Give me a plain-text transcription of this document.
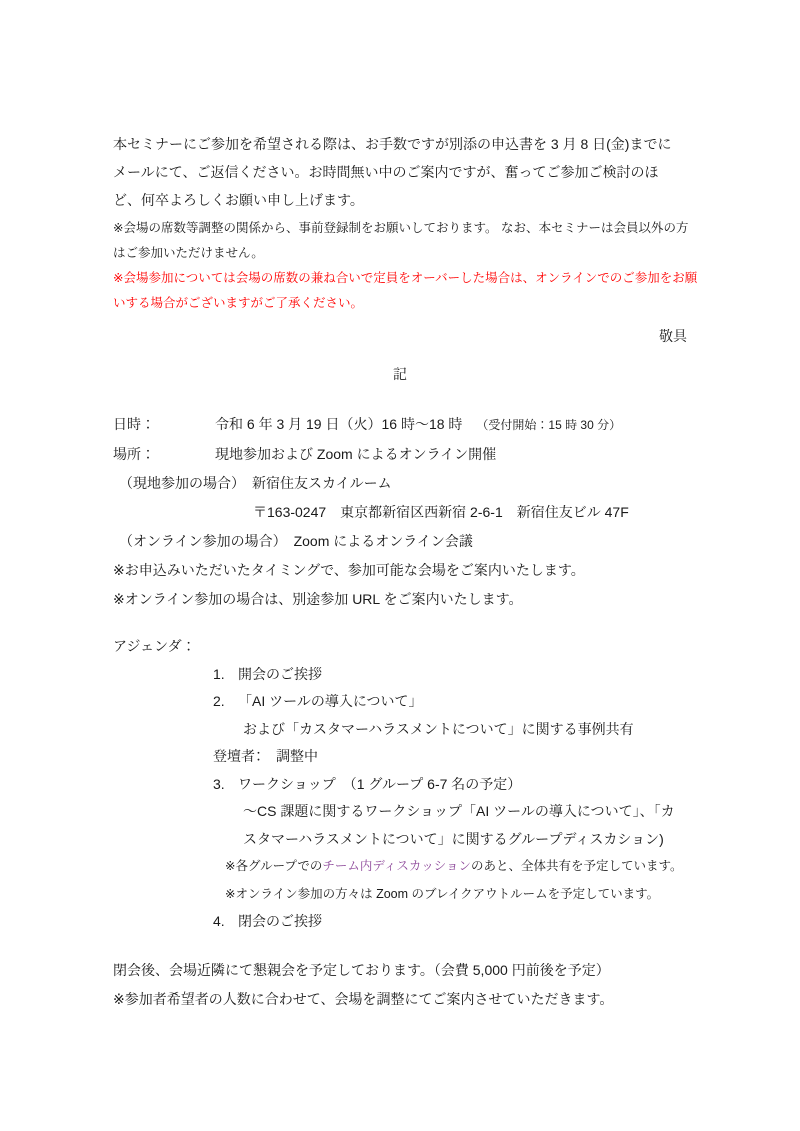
本セミナーにご参加を希望される際は、お手数ですが別添の申込書を 3 月 8 日(金)までに
メールにて、ご返信ください。お時間無い中のご案内ですが、奮ってご参加ご検討のほ
ど、何卒よろしくお願い申し上げます。
※会場の席数等調整の関係から、事前登録制をお願いしております。 なお、本セミナーは会員以外の方
はご参加いただけません。
※会場参加については会場の席数の兼ね合いで定員をオーバーした場合は、オンラインでのご参加をお願
いする場合がございますがご了承ください。
敬具
記
日時：	令和 6 年 3 月 19 日（火）16 時～18 時 （受付開始：15 時 30 分）
場所：	現地参加および Zoom によるオンライン開催
（現地参加の場合）　新宿住友スカイルーム
〒163-0247　東京都新宿区西新宿 2-6-1　新宿住友ビル 47F
（オンライン参加の場合）　Zoom によるオンライン会議
※お申込みいただいたタイミングで、参加可能な会場をご案内いたします。
※オンライン参加の場合は、別途参加 URL をご案内いたします。
アジェンダ：
1. 開会のご挨拶
2. 「AI ツールの導入について」
および「カスタマーハラスメントについて」に関する事例共有
登壇者：　調整中
3. ワークショップ　（1 グループ 6-7 名の予定）
～CS 課題に関するワークショップ「AI ツールの導入について」、「カ
スタマーハラスメントについて」に関するグループディスカション)
※各グループでのチーム内ディスカッションのあと、全体共有を予定しています。
※オンライン参加の方々は Zoom のブレイクアウトルームを予定しています。
4. 閉会のご挨拶
閉会後、会場近隣にて懇親会を予定しております。（会費 5,000 円前後を予定）
※参加者希望者の人数に合わせて、会場を調整にてご案内させていただきます。
